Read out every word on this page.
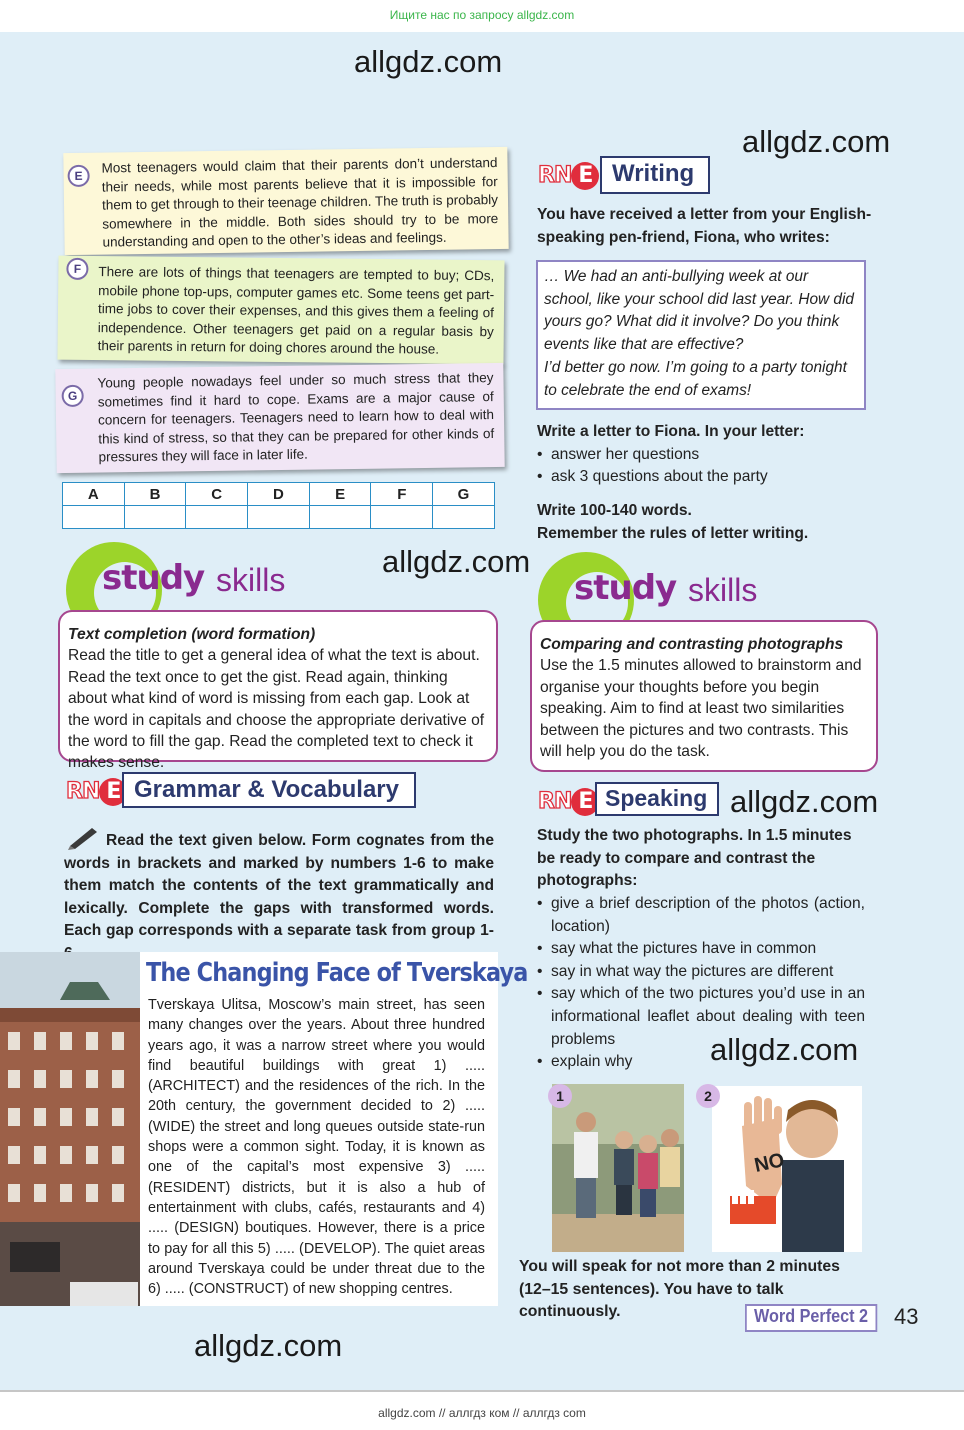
Ищите нас по запросу allgdz.com
allgdz.com
allgdz.com
allgdz.com
allgdz.com
allgdz.com
allgdz.com
E
Most teenagers would claim that their parents don’t understand their needs, while most parents believe that it is impossible for them to get through to their teenage children. The truth is probably somewhere in the middle. Both sides should try to be more understanding and open to the other’s ideas and feelings.
F	There are lots of things that teenagers are tempted to buy; CDs, mobile phone top-ups, computer games etc. Some teens get part-time jobs to cover their expenses, and this gives them a feeling of independence. Other teenagers get paid on a regular basis by their parents in return for doing chores around the house.
G
Young people nowadays feel under so much stress that they sometimes find it hard to cope. Exams are a major cause of concern for teenagers. Teenagers need to learn how to deal with this kind of stress, so that they can be prepared for other kinds of pressures they will face in later life.
A	B	C	D	E	F	G

study skills
Text completion (word formation)
Read the title to get a general idea of what the text is about. Read the text once to get the gist. Read again, thinking about what kind of word is missing from each gap. Look at the word in capitals and choose the appropriate derivative of the word to fill the gap. Read the completed text to check it makes sense.
RN E Grammar & Vocabulary
Read the text given below. Form cognates from the words in brackets and marked by numbers 1-6 to make them match the contents of the text grammatically and lexically. Complete the gaps with transformed words. Each gap corresponds with a separate task from group 1-
The Changing Face of Tverskaya
Tverskaya Ulitsa, Moscow’s main street, has seen many changes over the years. About three hundred years ago, it was a narrow street where you would find beautiful buildings with great 1) ..... (ARCHITECT) and the residences of the rich. In the 20th century, the government decided to 2) ..... (WIDE) the street and long queues outside state-run shops were a common sight. Today, it is known as one of the capital’s most expensive 3) ..... (RESIDENT) districts, but it is also a hub of entertainment with clubs, cafés, restaurants and 4) ..... (DESIGN) boutiques. However, there is a price to pay for all this 5) ..... (DEVELOP). The quiet areas around Tverskaya could be under threat due to the 6) ..... (CONSTRUCT) of new shopping centres.
RN E Writing
You have received a letter from your English-speaking pen-friend, Fiona, who writes:
… We had an anti-bullying week at our school, like your school did last year. How did yours go? What did it involve? Do you think events like that are effective?
I’d better go now. I’m going to a party tonight to celebrate the end of exams!
Write a letter to Fiona. In your letter:
• answer her questions
• ask 3 questions about the party
Write 100-140 words.
Remember the rules of letter writing.
study skills
Comparing and contrasting photographs
Use the 1.5 minutes allowed to brainstorm and organise your thoughts before you begin speaking. Aim to find at least two similarities between the pictures and two contrasts. This will help you do the task.
RN E Speaking
Study the two photographs. In 1.5 minutes be ready to compare and contrast the photographs:
• give a brief description of the photos (action, location)
• say what the pictures have in common
• say in what way the pictures are different
• say which of the two pictures you’d use in an informational leaflet about dealing with teen problems
• explain why
NO
1	2
You will speak for not more than 2 minutes (12–15 sentences). You have to talk continuously.	Word Perfect 2	43
allgdz.com // аллгдз ком // аллгдз com
